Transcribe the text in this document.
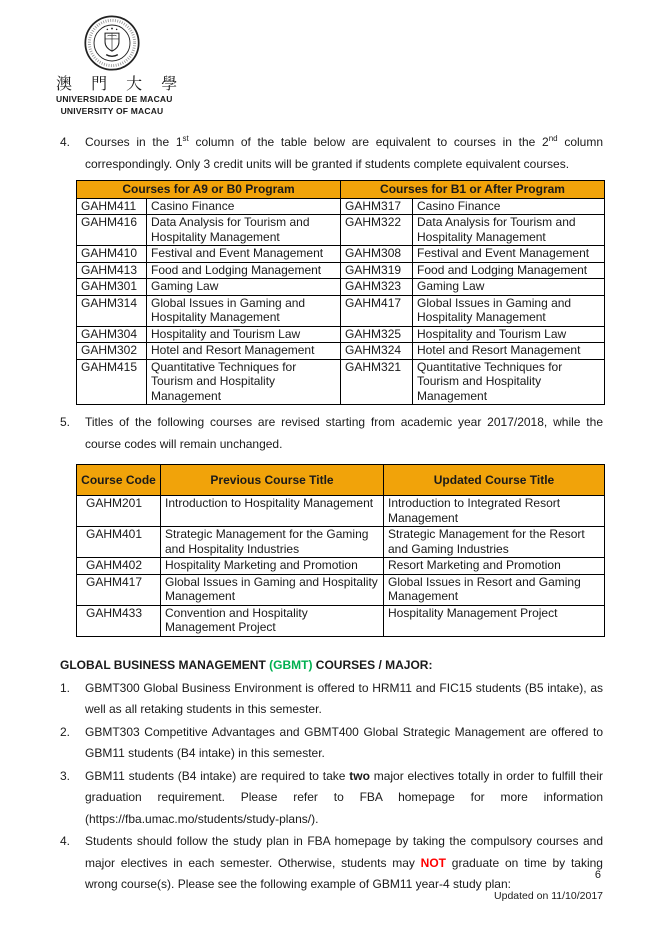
澳 門 大 學
UNIVERSIDADE DE MACAU
UNIVERSITY OF MACAU
4.	Courses in the 1st column of the table below are equivalent to courses in the 2nd column correspondingly. Only 3 credit units will be granted if students complete equivalent courses.
Courses for A9 or B0 Program		Courses for B1 or After Program	
GAHM411	Casino Finance	GAHM317	Casino Finance
GAHM416	Data Analysis for Tourism and Hospitality Management	GAHM322	Data Analysis for Tourism and Hospitality Management
GAHM410	Festival and Event Management	GAHM308	Festival and Event Management
GAHM413	Food and Lodging Management	GAHM319	Food and Lodging Management
GAHM301	Gaming Law	GAHM323	Gaming Law
GAHM314	Global Issues in Gaming and Hospitality Management	GAHM417	Global Issues in Gaming and Hospitality Management
GAHM304	Hospitality and Tourism Law	GAHM325	Hospitality and Tourism Law
GAHM302	Hotel and Resort Management	GAHM324	Hotel and Resort Management
GAHM415	Quantitative Techniques for Tourism and Hospitality Management	GAHM321	Quantitative Techniques for Tourism and Hospitality Management
5.	Titles of the following courses are revised starting from academic year 2017/2018, while the course codes will remain unchanged.
Course Code	Previous Course Title	Updated Course Title
GAHM201	Introduction to Hospitality Management	Introduction to Integrated Resort Management
GAHM401	Strategic Management for the Gaming and Hospitality Industries	Strategic Management for the Resort and Gaming Industries
GAHM402	Hospitality Marketing and Promotion	Resort Marketing and Promotion
GAHM417	Global Issues in Gaming and Hospitality Management	Global Issues in Resort and Gaming Management
GAHM433	Convention and Hospitality Management Project	Hospitality Management Project
GLOBAL BUSINESS MANAGEMENT (GBMT) COURSES / MAJOR:
1.	GBMT300 Global Business Environment is offered to HRM11 and FIC15 students (B5 intake), as well as all retaking students in this semester.
2.	GBMT303 Competitive Advantages and GBMT400 Global Strategic Management are offered to GBM11 students (B4 intake) in this semester.
3.	GBM11 students (B4 intake) are required to take two major electives totally in order to fulfill their graduation requirement. Please refer to FBA homepage for more information (https://fba.umac.mo/students/study-plans/).
4.	Students should follow the study plan in FBA homepage by taking the compulsory courses and major electives in each semester. Otherwise, students may NOT graduate on time by taking wrong course(s). Please see the following example of GBM11 year-4 study plan:
6
Updated on 11/10/2017
